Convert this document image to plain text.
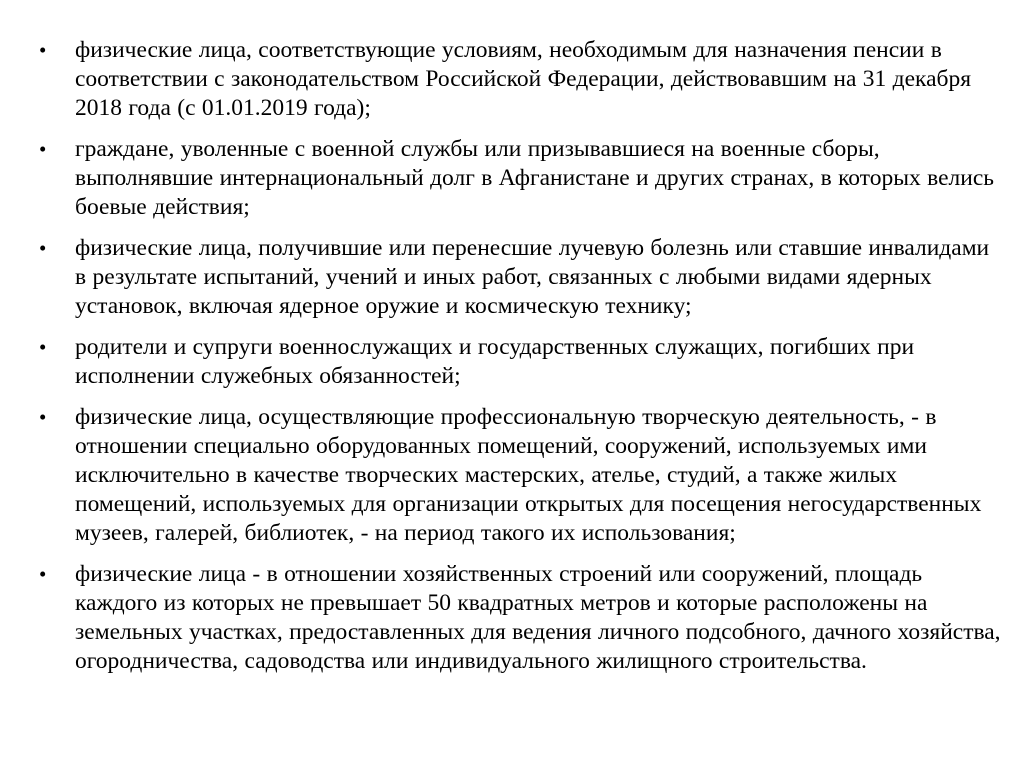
•	физические лица, соответствующие условиям, необходимым для назначения пенсии в соответствии с законодательством Российской Федерации, действовавшим на 31 декабря 2018 года (с 01.01.2019 года);
•	граждане, уволенные с военной службы или призывавшиеся на военные сборы, выполнявшие интернациональный долг в Афганистане и других странах, в которых велись боевые действия;
•	физические лица, получившие или перенесшие лучевую болезнь или ставшие инвалидами в результате испытаний, учений и иных работ, связанных с любыми видами ядерных установок, включая ядерное оружие и космическую технику;
•	родители и супруги военнослужащих и государственных служащих, погибших при исполнении служебных обязанностей;
•	физические лица, осуществляющие профессиональную творческую деятельность, - в отношении специально оборудованных помещений, сооружений, используемых ими исключительно в качестве творческих мастерских, ателье, студий, а также жилых помещений, используемых для организации открытых для посещения негосударственных музеев, галерей, библиотек, - на период такого их использования;
•	физические лица - в отношении хозяйственных строений или сооружений, площадь каждого из которых не превышает 50 квадратных метров и которые расположены на земельных участках, предоставленных для ведения личного подсобного, дачного хозяйства, огородничества, садоводства или индивидуального жилищного строительства.
